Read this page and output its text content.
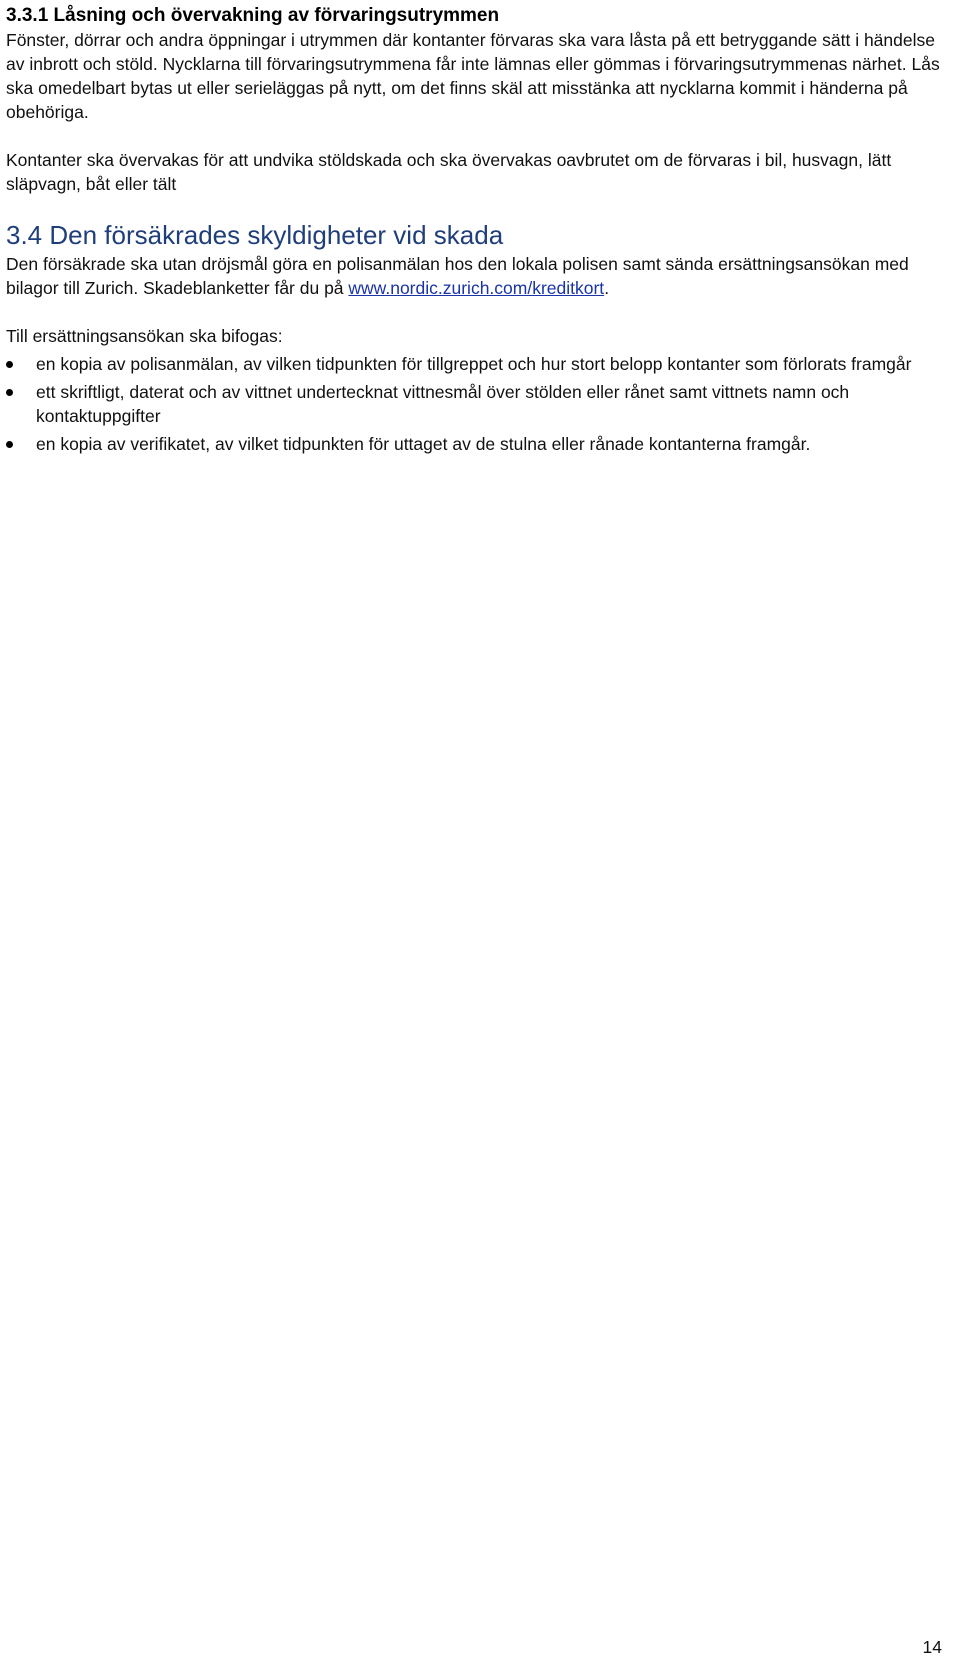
3.3.1 Låsning och övervakning av förvaringsutrymmen

Fönster, dörrar och andra öppningar i utrymmen där kontanter förvaras ska vara låsta på ett betryggande sätt i händelse av inbrott och stöld. Nycklarna till förvaringsutrymmena får inte lämnas eller gömmas i förvaringsutrymmenas närhet. Lås ska omedelbart bytas ut eller serieläggas på nytt, om det finns skäl att misstänka att nycklarna kommit i händerna på obehöriga.

Kontanter ska övervakas för att undvika stöldskada och ska övervakas oavbrutet om de förvaras i bil, husvagn, lätt släpvagn, båt eller tält

3.4 Den försäkrades skyldigheter vid skada

Den försäkrade ska utan dröjsmål göra en polisanmälan hos den lokala polisen samt sända ersättningsansökan med bilagor till Zurich. Skadeblanketter får du på www.nordic.zurich.com/kreditkort.

Till ersättningsansökan ska bifogas:

en kopia av polisanmälan, av vilken tidpunkten för tillgreppet och hur stort belopp kontanter som förlorats framgår
ett skriftligt, daterat och av vittnet undertecknat vittnesmål över stölden eller rånet samt vittnets namn och kontaktuppgifter
en kopia av verifikatet, av vilket tidpunkten för uttaget av de stulna eller rånade kontanterna framgår.
14
